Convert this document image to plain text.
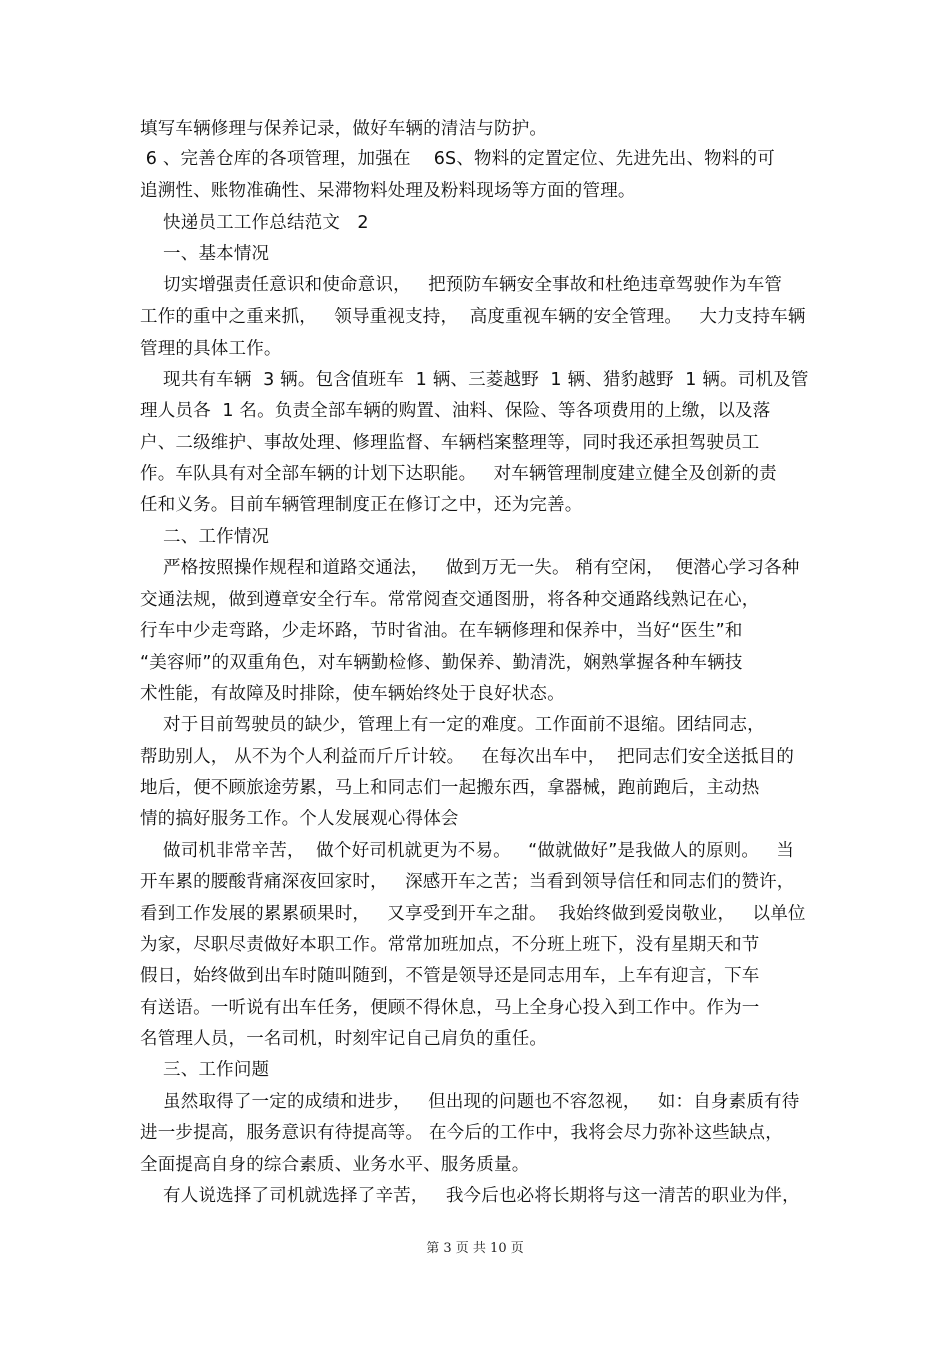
填写车辆修理与保养记录，做好车辆的清洁与防护。
6 、完善仓库的各项管理，加强在    6S、物料的定置定位、先进先出、物料的可
追溯性、账物准确性、呆滞物料处理及粉料现场等方面的管理。
快递员工工作总结范文   2
一、基本情况
切实增强责任意识和使命意识，   把预防车辆安全事故和杜绝违章驾驶作为车管
工作的重中之重来抓，   领导重视支持，  高度重视车辆的安全管理。   大力支持车辆
管理的具体工作。
现共有车辆  3 辆。包含值班车  1 辆、三菱越野  1 辆、猎豹越野  1 辆。司机及管
理人员各  1 名。负责全部车辆的购置、油料、保险、等各项费用的上缴，以及落
户、二级维护、事故处理、修理监督、车辆档案整理等，同时我还承担驾驶员工
作。车队具有对全部车辆的计划下达职能。   对车辆管理制度建立健全及创新的责
任和义务。目前车辆管理制度正在修订之中，还为完善。
二、工作情况
严格按照操作规程和道路交通法，   做到万无一失。 稍有空闲，  便潜心学习各种
交通法规，做到遵章安全行车。常常阅查交通图册，将各种交通路线熟记在心，
行车中少走弯路，少走坏路，节时省油。在车辆修理和保养中，当好“医生”和
“美容师”的双重角色，对车辆勤检修、勤保养、勤清洗，娴熟掌握各种车辆技
术性能，有故障及时排除，使车辆始终处于良好状态。
对于目前驾驶员的缺少，管理上有一定的难度。工作面前不退缩。团结同志，
帮助别人， 从不为个人利益而斤斤计较。   在每次出车中，  把同志们安全送抵目的
地后，便不顾旅途劳累，马上和同志们一起搬东西，拿器械，跑前跑后，主动热
情的搞好服务工作。个人发展观心得体会
做司机非常辛苦，  做个好司机就更为不易。   “做就做好”是我做人的原则。   当
开车累的腰酸背痛深夜回家时，   深感开车之苦；当看到领导信任和同志们的赞许，
看到工作发展的累累硕果时，   又享受到开车之甜。  我始终做到爱岗敬业，   以单位
为家，尽职尽责做好本职工作。常常加班加点，不分班上班下，没有星期天和节
假日，始终做到出车时随叫随到，不管是领导还是同志用车，上车有迎言，下车
有送语。一听说有出车任务，便顾不得休息，马上全身心投入到工作中。作为一
名管理人员，一名司机，时刻牢记自己肩负的重任。
三、工作问题
虽然取得了一定的成绩和进步，   但出现的问题也不容忽视，   如：自身素质有待
进一步提高，服务意识有待提高等。 在今后的工作中，我将会尽力弥补这些缺点，
全面提高自身的综合素质、业务水平、服务质量。
有人说选择了司机就选择了辛苦，   我今后也必将长期将与这一清苦的职业为伴，
第 3 页 共 10 页
